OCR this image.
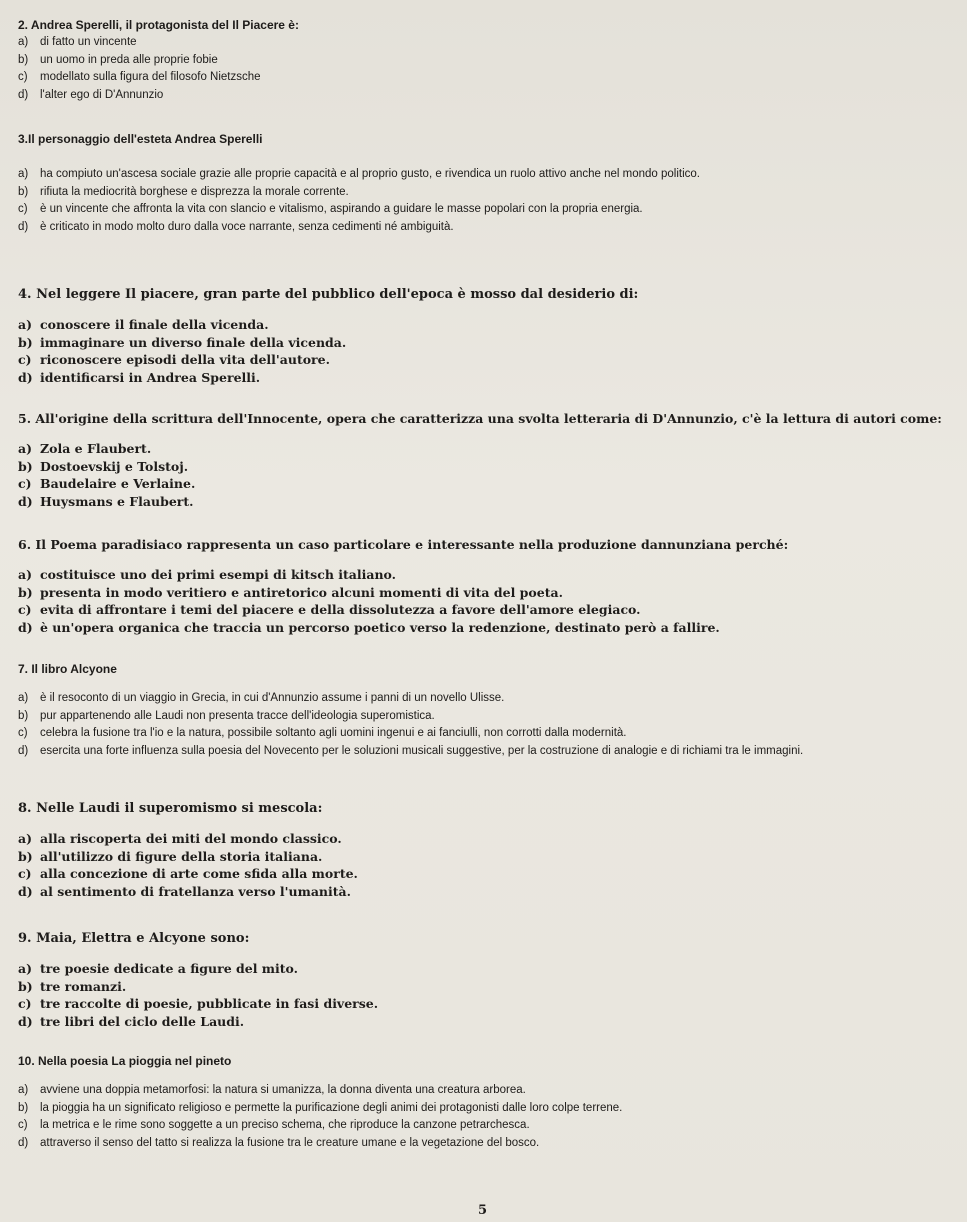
2. Andrea Sperelli, il protagonista del Il Piacere è:
a) di fatto un vincente
b) un uomo in preda alle proprie fobie
c) modellato sulla figura del filosofo Nietzsche
d) l'alter ego di D'Annunzio
3.Il personaggio dell'esteta Andrea Sperelli
a) ha compiuto un'ascesa sociale grazie alle proprie capacità e al proprio gusto, e rivendica un ruolo attivo anche nel mondo politico.
b) rifiuta la mediocrità borghese e disprezza la morale corrente.
c) è un vincente che affronta la vita con slancio e vitalismo, aspirando a guidare le masse popolari con la propria energia.
d) è criticato in modo molto duro dalla voce narrante, senza cedimenti né ambiguità.
4. Nel leggere Il piacere, gran parte del pubblico dell'epoca è mosso dal desiderio di:
a) conoscere il finale della vicenda.
b) immaginare un diverso finale della vicenda.
c) riconoscere episodi della vita dell'autore.
d) identificarsi in Andrea Sperelli.
5. All'origine della scrittura dell'Innocente, opera che caratterizza una svolta letteraria di D'Annunzio, c'è la lettura di autori come:
a) Zola e Flaubert.
b) Dostoevskij e Tolstoj.
c) Baudelaire e Verlaine.
d) Huysmans e Flaubert.
6. Il Poema paradisiaco rappresenta un caso particolare e interessante nella produzione dannunziana perché:
a) costituisce uno dei primi esempi di kitsch italiano.
b) presenta in modo veritiero e antiretorico alcuni momenti di vita del poeta.
c) evita di affrontare i temi del piacere e della dissolutezza a favore dell'amore elegiaco.
d) è un'opera organica che traccia un percorso poetico verso la redenzione, destinato però a fallire.
7. Il libro Alcyone
a) è il resoconto di un viaggio in Grecia, in cui d'Annunzio assume i panni di un novello Ulisse.
b) pur appartenendo alle Laudi non presenta tracce dell'ideologia superomistica.
c) celebra la fusione tra l'io e la natura, possibile soltanto agli uomini ingenui e ai fanciulli, non corrotti dalla modernità.
d) esercita una forte influenza sulla poesia del Novecento per le soluzioni musicali suggestive, per la costruzione di analogie e di richiami tra le immagini.
8. Nelle Laudi il superomismo si mescola:
a) alla riscoperta dei miti del mondo classico.
b) all'utilizzo di figure della storia italiana.
c) alla concezione di arte come sfida alla morte.
d) al sentimento di fratellanza verso l'umanità.
9. Maia, Elettra e Alcyone sono:
a) tre poesie dedicate a figure del mito.
b) tre romanzi.
c) tre raccolte di poesie, pubblicate in fasi diverse.
d) tre libri del ciclo delle Laudi.
10. Nella poesia La pioggia nel pineto
a) avviene una doppia metamorfosi: la natura si umanizza, la donna diventa una creatura arborea.
b) la pioggia ha un significato religioso e permette la purificazione degli animi dei protagonisti dalle loro colpe terrene.
c) la metrica e le rime sono soggette a un preciso schema, che riproduce la canzone petrarchesca.
d) attraverso il senso del tatto si realizza la fusione tra le creature umane e la vegetazione del bosco.
5
